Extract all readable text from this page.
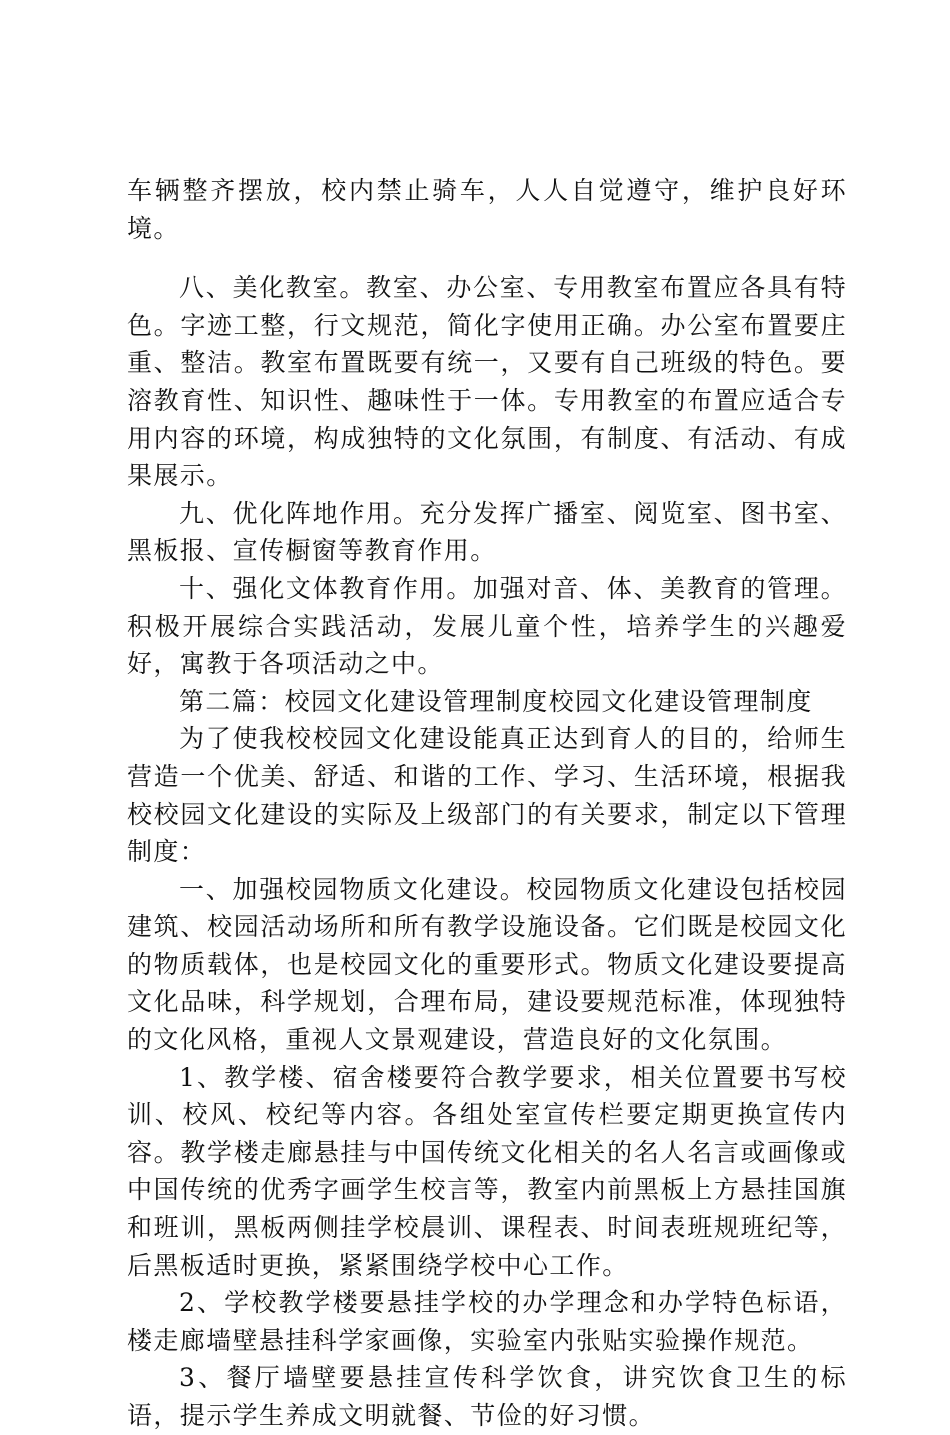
车辆整齐摆放，校内禁止骑车，人人自觉遵守，维护良好环境。

八、美化教室。教室、办公室、专用教室布置应各具有特色。字迹工整，行文规范，简化字使用正确。办公室布置要庄重、整洁。教室布置既要有统一，又要有自己班级的特色。要溶教育性、知识性、趣味性于一体。专用教室的布置应适合专用内容的环境，构成独特的文化氛围，有制度、有活动、有成果展示。

九、优化阵地作用。充分发挥广播室、阅览室、图书室、黑板报、宣传橱窗等教育作用。

十、强化文体教育作用。加强对音、体、美教育的管理。积极开展综合实践活动，发展儿童个性，培养学生的兴趣爱好，寓教于各项活动之中。

第二篇：校园文化建设管理制度校园文化建设管理制度

为了使我校校园文化建设能真正达到育人的目的，给师生营造一个优美、舒适、和谐的工作、学习、生活环境，根据我校校园文化建设的实际及上级部门的有关要求，制定以下管理制度：

一、加强校园物质文化建设。校园物质文化建设包括校园建筑、校园活动场所和所有教学设施设备。它们既是校园文化的物质载体，也是校园文化的重要形式。物质文化建设要提高文化品味，科学规划，合理布局，建设要规范标准，体现独特的文化风格，重视人文景观建设，营造良好的文化氛围。

1、教学楼、宿舍楼要符合教学要求，相关位置要书写校训、校风、校纪等内容。各组处室宣传栏要定期更换宣传内容。教学楼走廊悬挂与中国传统文化相关的名人名言或画像或中国传统的优秀字画学生校言等，教室内前黑板上方悬挂国旗和班训，黑板两侧挂学校晨训、课程表、时间表班规班纪等，后黑板适时更换，紧紧围绕学校中心工作。

2、学校教学楼要悬挂学校的办学理念和办学特色标语，楼走廊墙壁悬挂科学家画像，实验室内张贴实验操作规范。

3、餐厅墙壁要悬挂宣传科学饮食，讲究饮食卫生的标语，提示学生养成文明就餐、节俭的好习惯。
